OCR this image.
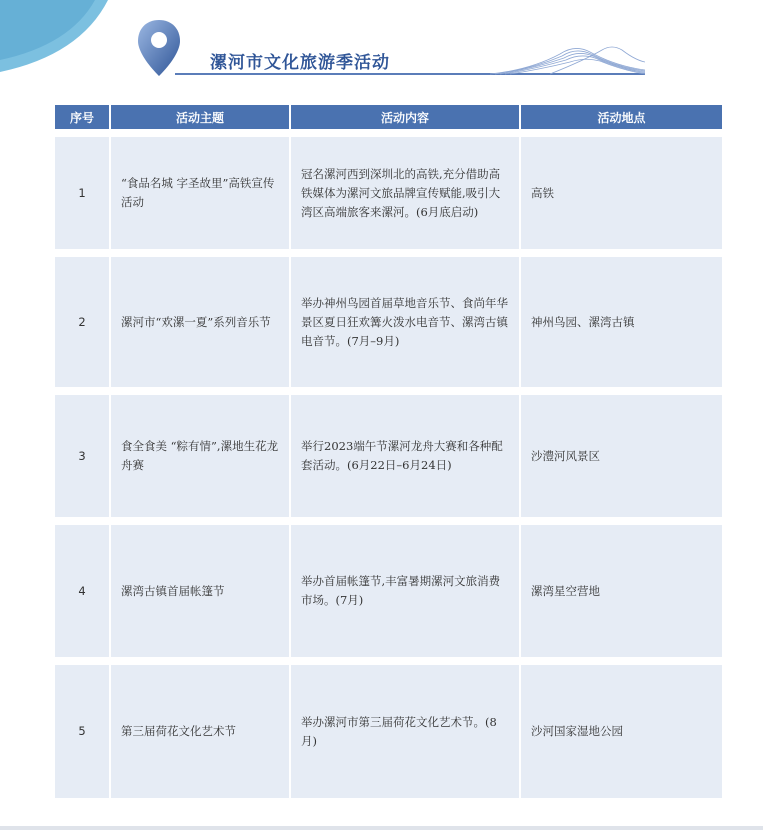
漯河市文化旅游季活动
序号	活动主题	活动内容	活动地点
1	“食品名城 字圣故里”高铁宣传活动	冠名漯河西到深圳北的高铁,充分借助高铁媒体为漯河文旅品牌宣传赋能,吸引大湾区高端旅客来漯河。(6月底启动)	高铁
2	漯河市“欢漯一夏”系列音乐节	举办神州鸟园首届草地音乐节、食尚年华景区夏日狂欢篝火泼水电音节、漯湾古镇电音节。(7月–9月)	神州鸟园、漯湾古镇
3	食全食美 “粽有情”,漯地生花龙舟赛	举行2023端午节漯河龙舟大赛和各种配套活动。(6月22日–6月24日)	沙澧河风景区
4	漯湾古镇首届帐篷节	举办首届帐篷节,丰富暑期漯河文旅消费市场。(7月)	漯湾星空营地
5	第三届荷花文化艺术节	举办漯河市第三届荷花文化艺术节。(8月)	沙河国家湿地公园
